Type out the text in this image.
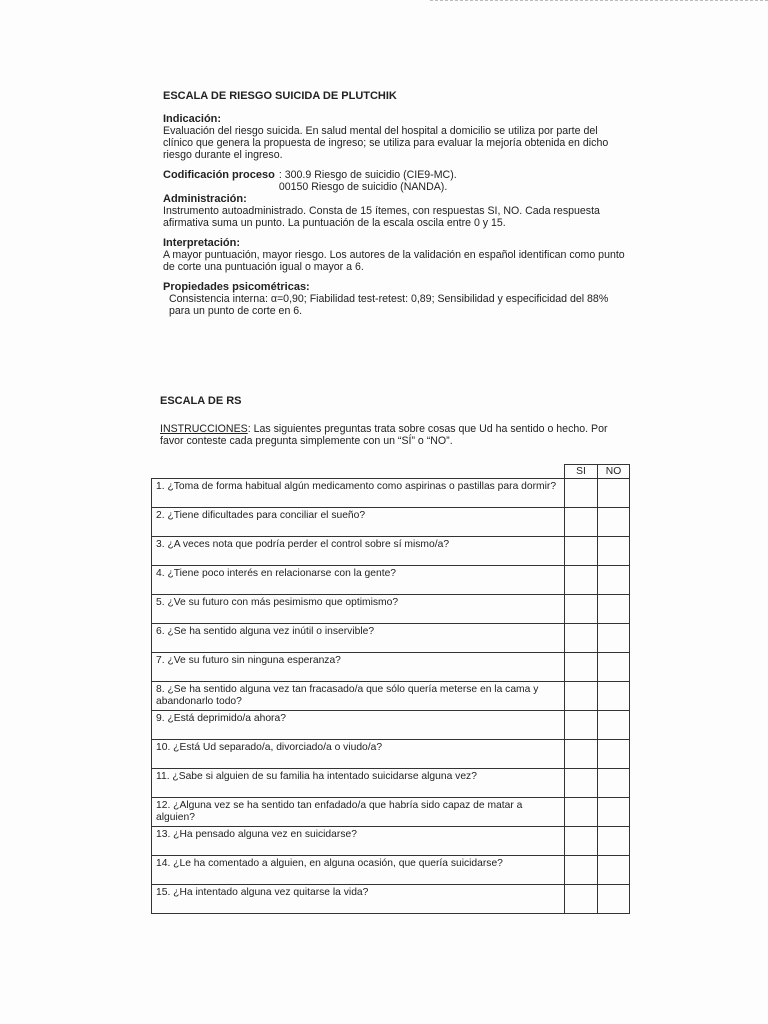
ESCALA DE RIESGO SUICIDA DE PLUTCHIK
Indicación:
Evaluación del riesgo suicida. En salud mental del hospital a domicilio se utiliza por parte del
clínico que genera la propuesta de ingreso; se utiliza para evaluar la mejoría obtenida en dicho
riesgo durante el ingreso.
Codificación proceso : 300.9 Riesgo de suicidio (CIE9-MC).
00150 Riesgo de suicidio (NANDA).
Administración:
Instrumento autoadministrado. Consta de 15 ítemes, con respuestas SI, NO. Cada respuesta
afirmativa suma un punto. La puntuación de la escala oscila entre 0 y 15.
Interpretación:
A mayor puntuación, mayor riesgo. Los autores de la validación en español identifican como punto
de corte una puntuación igual o mayor a 6.
Propiedades psicométricas:
Consistencia interna: α=0,90; Fiabilidad test-retest: 0,89; Sensibilidad y especificidad del 88%
para un punto de corte en 6.
ESCALA DE RS
INSTRUCCIONES: Las siguientes preguntas trata sobre cosas que Ud ha sentido o hecho. Por favor conteste cada pregunta simplemente con un “SÍ” o “NO”.
	SI	NO
1. ¿Toma de forma habitual algún medicamento como aspirinas o pastillas para dormir?		
2. ¿Tiene dificultades para conciliar el sueño?		
3. ¿A veces nota que podría perder el control sobre sí mismo/a?		
4. ¿Tiene poco interés en relacionarse con la gente?		
5. ¿Ve su futuro con más pesimismo que optimismo?		
6. ¿Se ha sentido alguna vez inútil o inservible?		
7. ¿Ve su futuro sin ninguna esperanza?		
8. ¿Se ha sentido alguna vez tan fracasado/a que sólo quería meterse en la cama y abandonarlo todo?		
9. ¿Está deprimido/a ahora?		
10. ¿Está Ud separado/a, divorciado/a o viudo/a?		
11. ¿Sabe si alguien de su familia ha intentado suicidarse alguna vez?		
12. ¿Alguna vez se ha sentido tan enfadado/a que habría sido capaz de matar a alguien?		
13. ¿Ha pensado alguna vez en suicidarse?		
14. ¿Le ha comentado a alguien, en alguna ocasión, que quería suicidarse?		
15. ¿Ha intentado alguna vez quitarse la vida?		
